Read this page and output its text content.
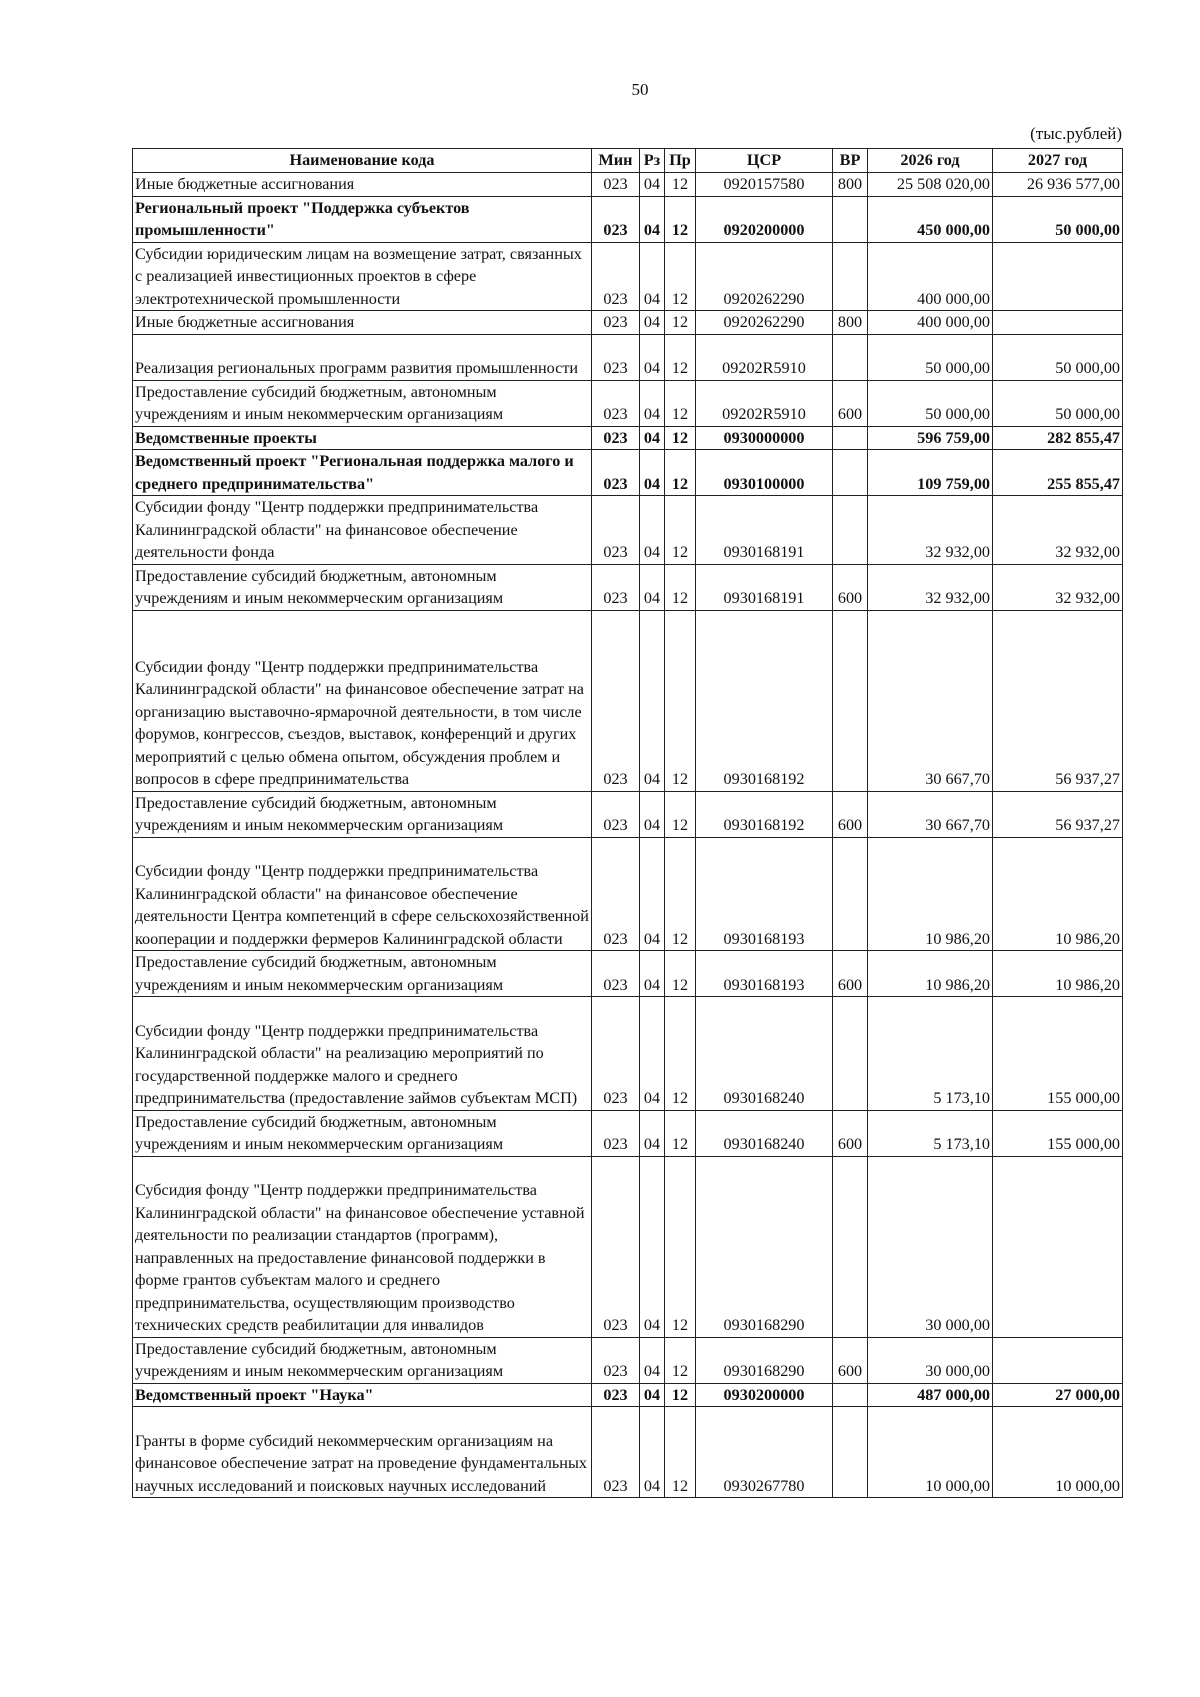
50
(тыс.рублей)
Наименование кода	Мин	Рз	Пр	ЦСР	ВР	2026 год	2027 год
Иные бюджетные ассигнования	023	04	12	0920157580	800	25 508 020,00	26 936 577,00
Региональный проект "Поддержка субъектов промышленности"	023	04	12	0920200000		450 000,00	50 000,00
Субсидии юридическим лицам на возмещение затрат, связанных с реализацией инвестиционных проектов в сфере электротехнической промышленности	023	04	12	0920262290		400 000,00	
Иные бюджетные ассигнования	023	04	12	0920262290	800	400 000,00	
Реализация региональных программ развития промышленности	023	04	12	09202R5910		50 000,00	50 000,00
Предоставление субсидий бюджетным, автономным учреждениям и иным некоммерческим организациям	023	04	12	09202R5910	600	50 000,00	50 000,00
Ведомственные проекты	023	04	12	0930000000		596 759,00	282 855,47
Ведомственный проект "Региональная поддержка малого и среднего предпринимательства"	023	04	12	0930100000		109 759,00	255 855,47
Субсидии фонду "Центр поддержки предпринимательства Калининградской области" на финансовое обеспечение деятельности фонда	023	04	12	0930168191		32 932,00	32 932,00
Предоставление субсидий бюджетным, автономным учреждениям и иным некоммерческим организациям	023	04	12	0930168191	600	32 932,00	32 932,00
Субсидии фонду "Центр поддержки предпринимательства Калининградской области" на финансовое обеспечение затрат на организацию выставочно-ярмарочной деятельности, в том числе форумов, конгрессов, съездов, выставок, конференций и других мероприятий с целью обмена опытом, обсуждения проблем и вопросов в сфере предпринимательства	023	04	12	0930168192		30 667,70	56 937,27
Предоставление субсидий бюджетным, автономным учреждениям и иным некоммерческим организациям	023	04	12	0930168192	600	30 667,70	56 937,27
Субсидии фонду "Центр поддержки предпринимательства Калининградской области" на финансовое обеспечение деятельности Центра компетенций в сфере сельскохозяйственной кооперации и поддержки фермеров Калининградской области	023	04	12	0930168193		10 986,20	10 986,20
Предоставление субсидий бюджетным, автономным учреждениям и иным некоммерческим организациям	023	04	12	0930168193	600	10 986,20	10 986,20
Субсидии фонду "Центр поддержки предпринимательства Калининградской области" на реализацию мероприятий по государственной поддержке малого и среднего предпринимательства (предоставление займов субъектам МСП)	023	04	12	0930168240		5 173,10	155 000,00
Предоставление субсидий бюджетным, автономным учреждениям и иным некоммерческим организациям	023	04	12	0930168240	600	5 173,10	155 000,00
Субсидия фонду "Центр поддержки предпринимательства Калининградской области" на финансовое обеспечение уставной деятельности по реализации стандартов (программ), направленных на предоставление финансовой поддержки в форме грантов субъектам малого и среднего предпринимательства, осуществляющим производство технических средств реабилитации для инвалидов	023	04	12	0930168290		30 000,00	
Предоставление субсидий бюджетным, автономным учреждениям и иным некоммерческим организациям	023	04	12	0930168290	600	30 000,00	
Ведомственный проект "Наука"	023	04	12	0930200000		487 000,00	27 000,00
Гранты в форме субсидий некоммерческим организациям на финансовое обеспечение затрат на проведение фундаментальных научных исследований и поисковых научных исследований	023	04	12	0930267780		10 000,00	10 000,00
